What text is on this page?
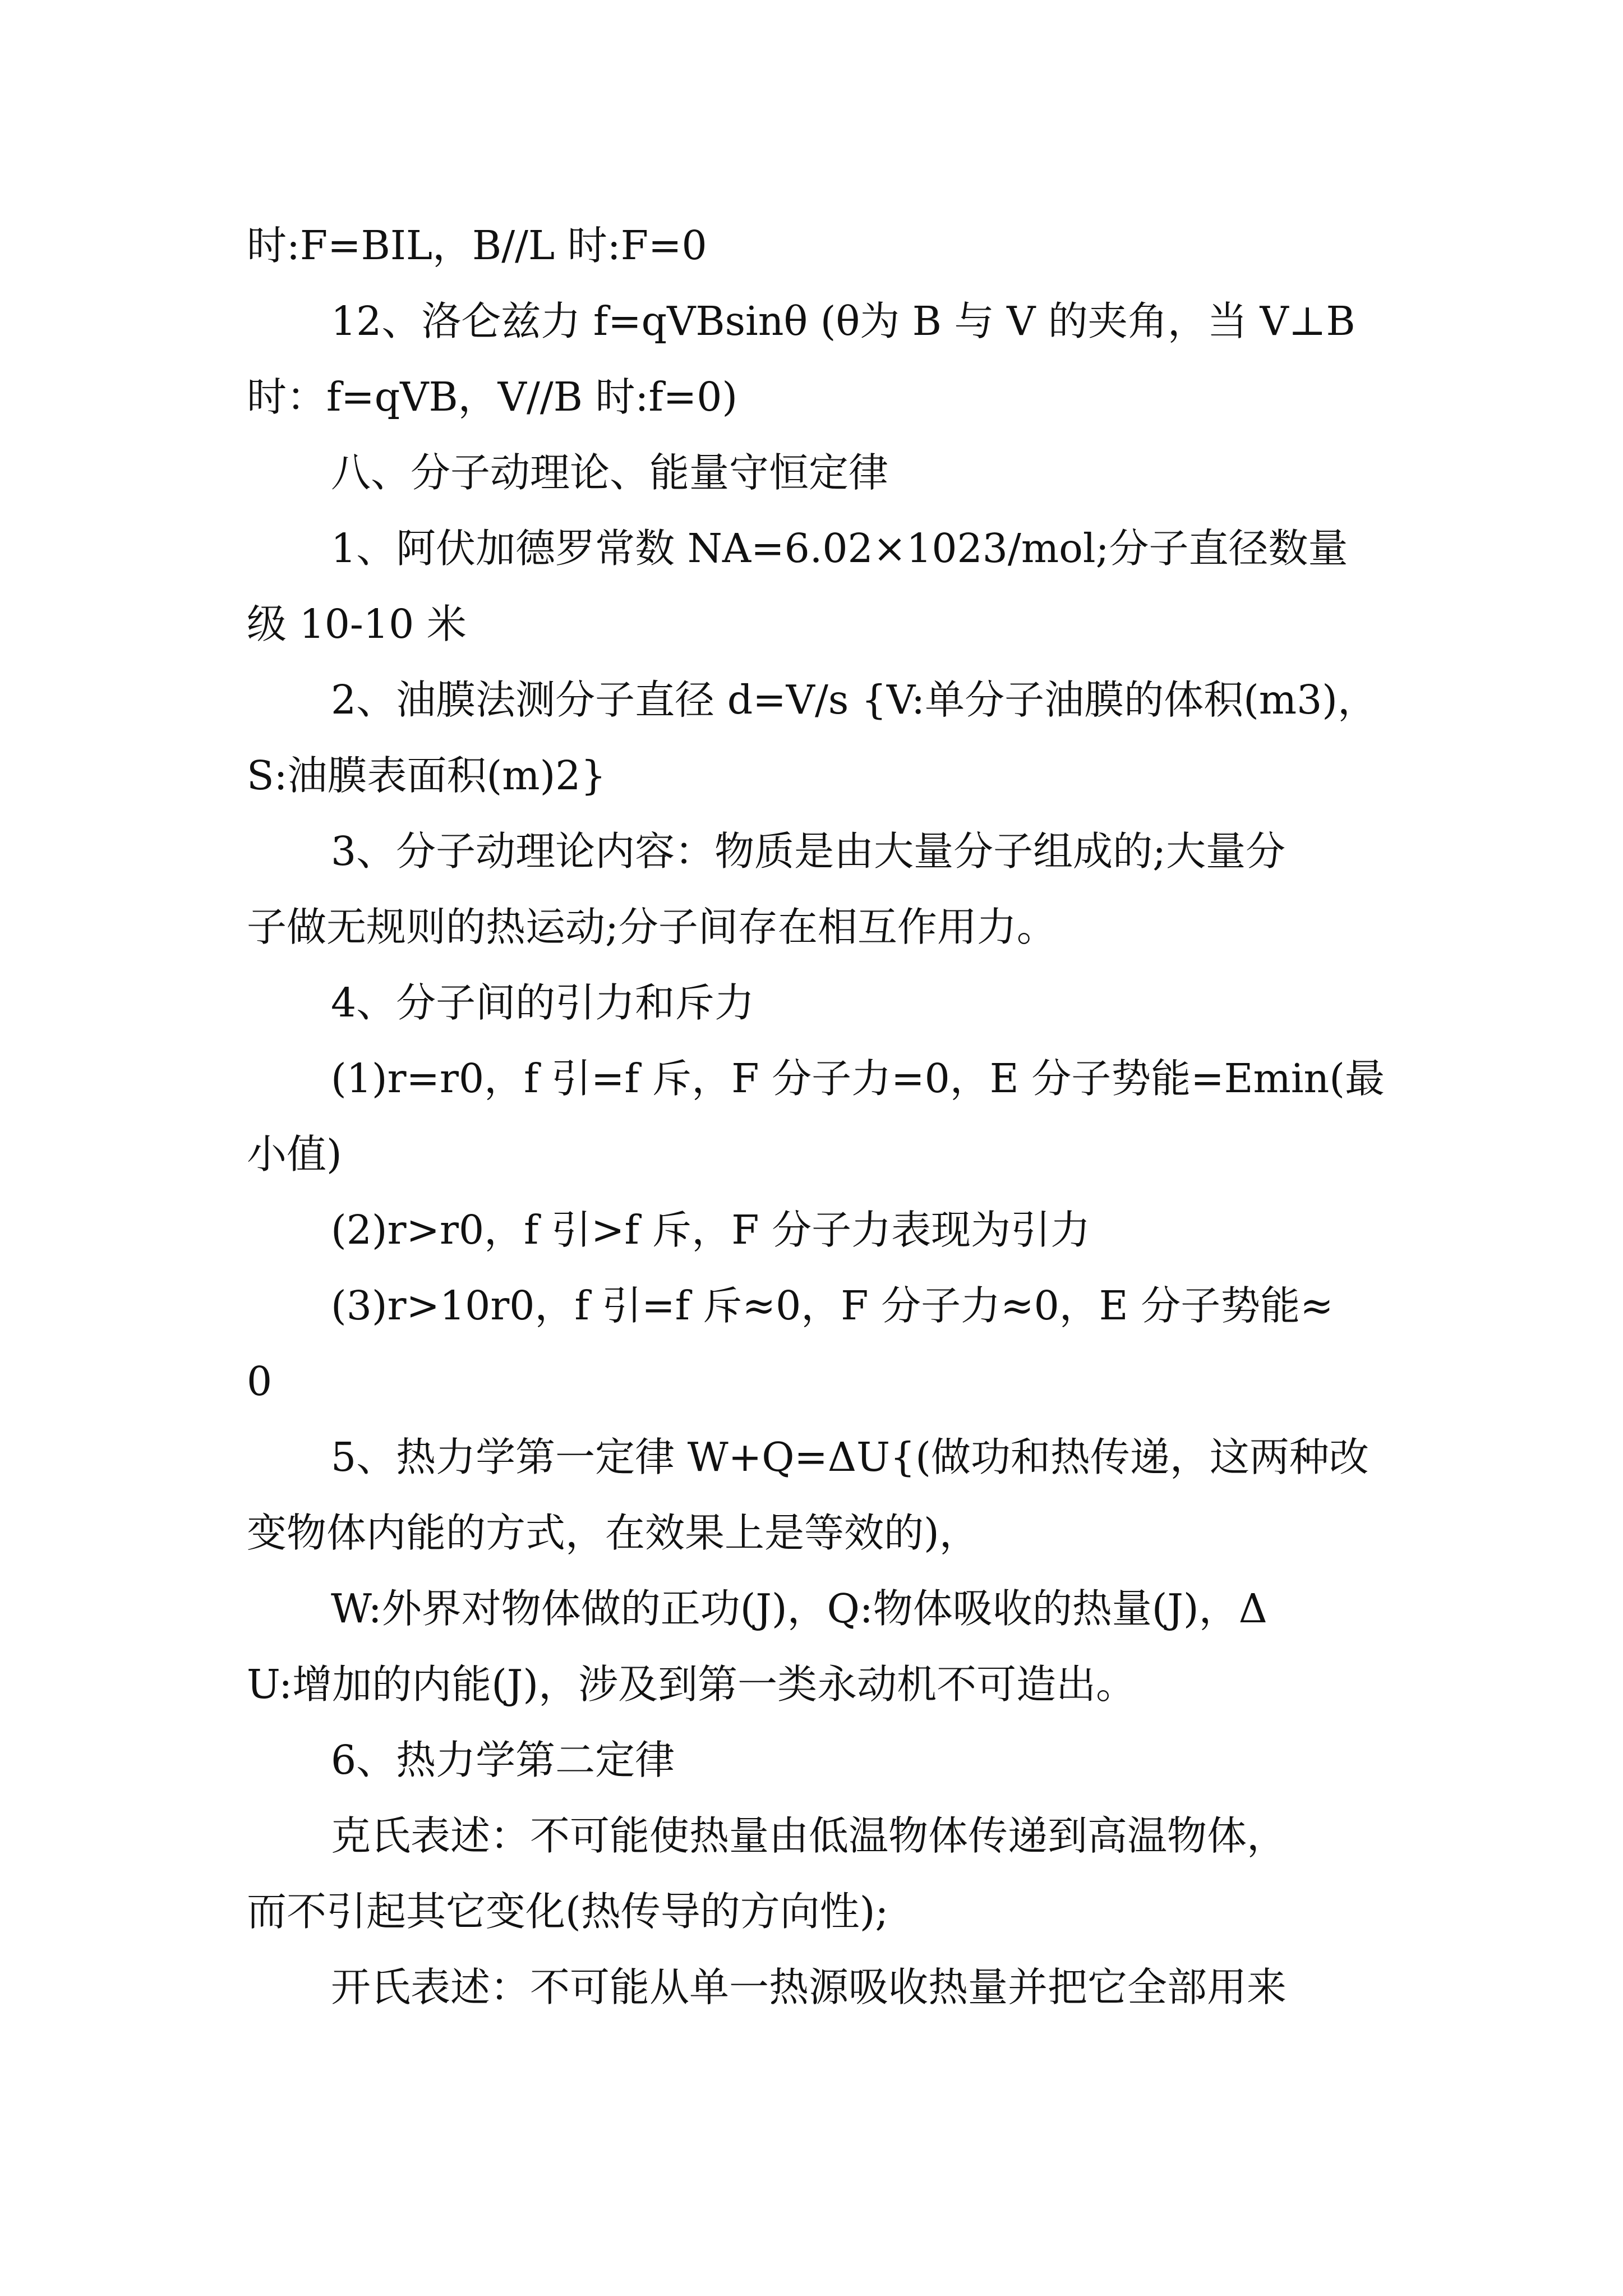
时:F=BIL，B//L 时:F=0
12、洛仑兹力 f=qVBsinθ (θ为 B 与 V 的夹角，当 V⊥B
时：f=qVB，V//B 时:f=0)
八、分子动理论、能量守恒定律
1、阿伏加德罗常数 NA=6.02×1023/mol;分子直径数量
级 10-10 米
2、油膜法测分子直径 d=V/s {V:单分子油膜的体积(m3)，
S:油膜表面积(m)2}
3、分子动理论内容：物质是由大量分子组成的;大量分
子做无规则的热运动;分子间存在相互作用力。
4、分子间的引力和斥力
(1)r=r0，f 引=f 斥，F 分子力=0，E 分子势能=Emin(最
小值)
(2)r>r0，f 引>f 斥，F 分子力表现为引力
(3)r>10r0，f 引=f 斥≈0，F 分子力≈0，E 分子势能≈
0
5、热力学第一定律 W+Q=ΔU{(做功和热传递，这两种改
变物体内能的方式，在效果上是等效的)，
W:外界对物体做的正功(J)，Q:物体吸收的热量(J)，Δ
U:增加的内能(J)，涉及到第一类永动机不可造出。
6、热力学第二定律
克氏表述：不可能使热量由低温物体传递到高温物体，
而不引起其它变化(热传导的方向性);
开氏表述：不可能从单一热源吸收热量并把它全部用来
